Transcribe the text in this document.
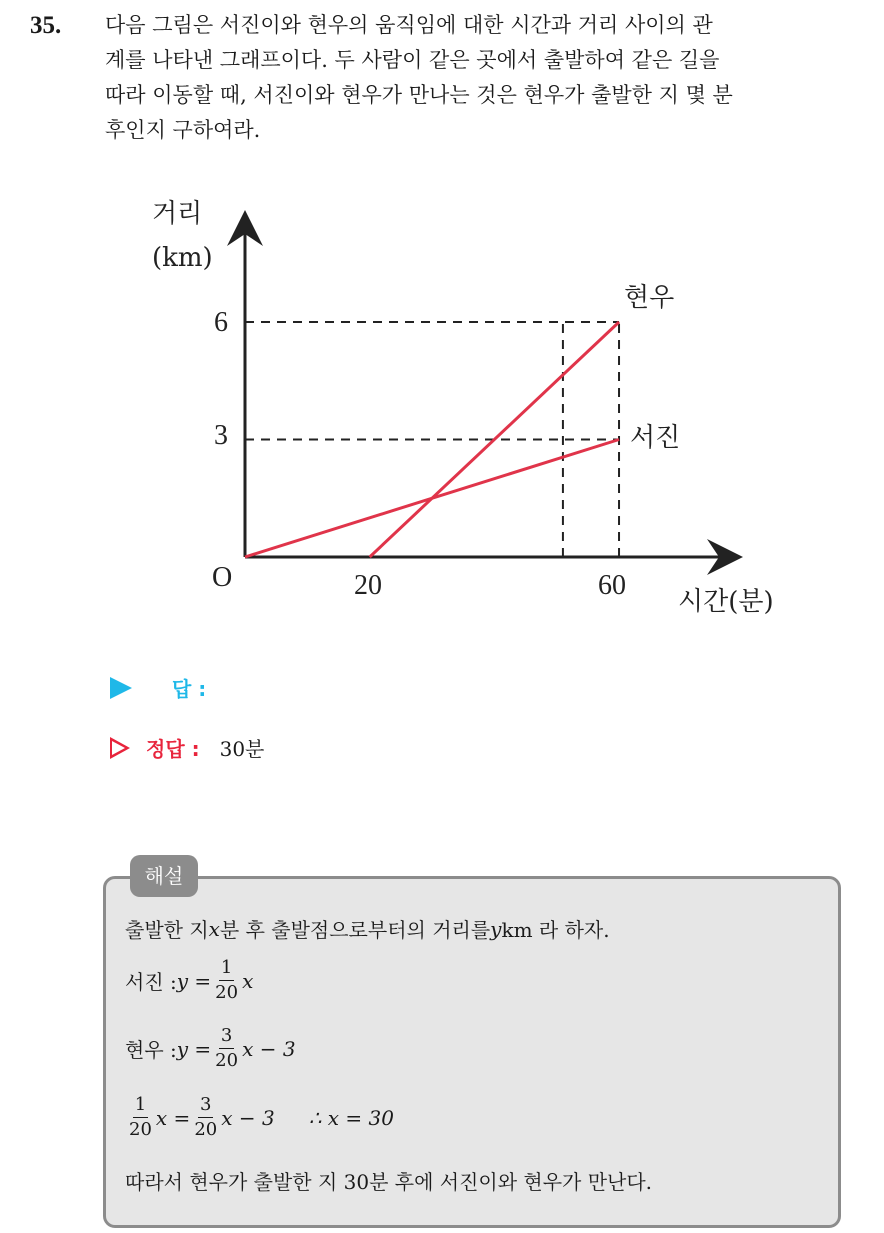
35. 다음 그림은 서진이와 현우의 움직임에 대한 시간과 거리 사이의 관
계를 나타낸 그래프이다. 두 사람이 같은 곳에서 출발하여 같은 길을
따라 이동할 때, 서진이와 현우가 만나는 것은 현우가 출발한 지 몇 분
후인지 구하여라.
거리
(km)
시간(분)
O	20	60
6
3
현우
서진
답 :
정답 : 30분
해설
출발한 지 x 분 후 출발점으로부터의 거리를 y km 라 하자.
서진 : $y = \frac{1}{20}$ x
현우 : $y = \frac{3}{20}$ x − 3
$\frac{1}{20}$ $x = \frac{3}{20}$ x − 3 ∴ x = 30
따라서 현우가 출발한 지 30분 후에 서진이와 현우가 만난다.
